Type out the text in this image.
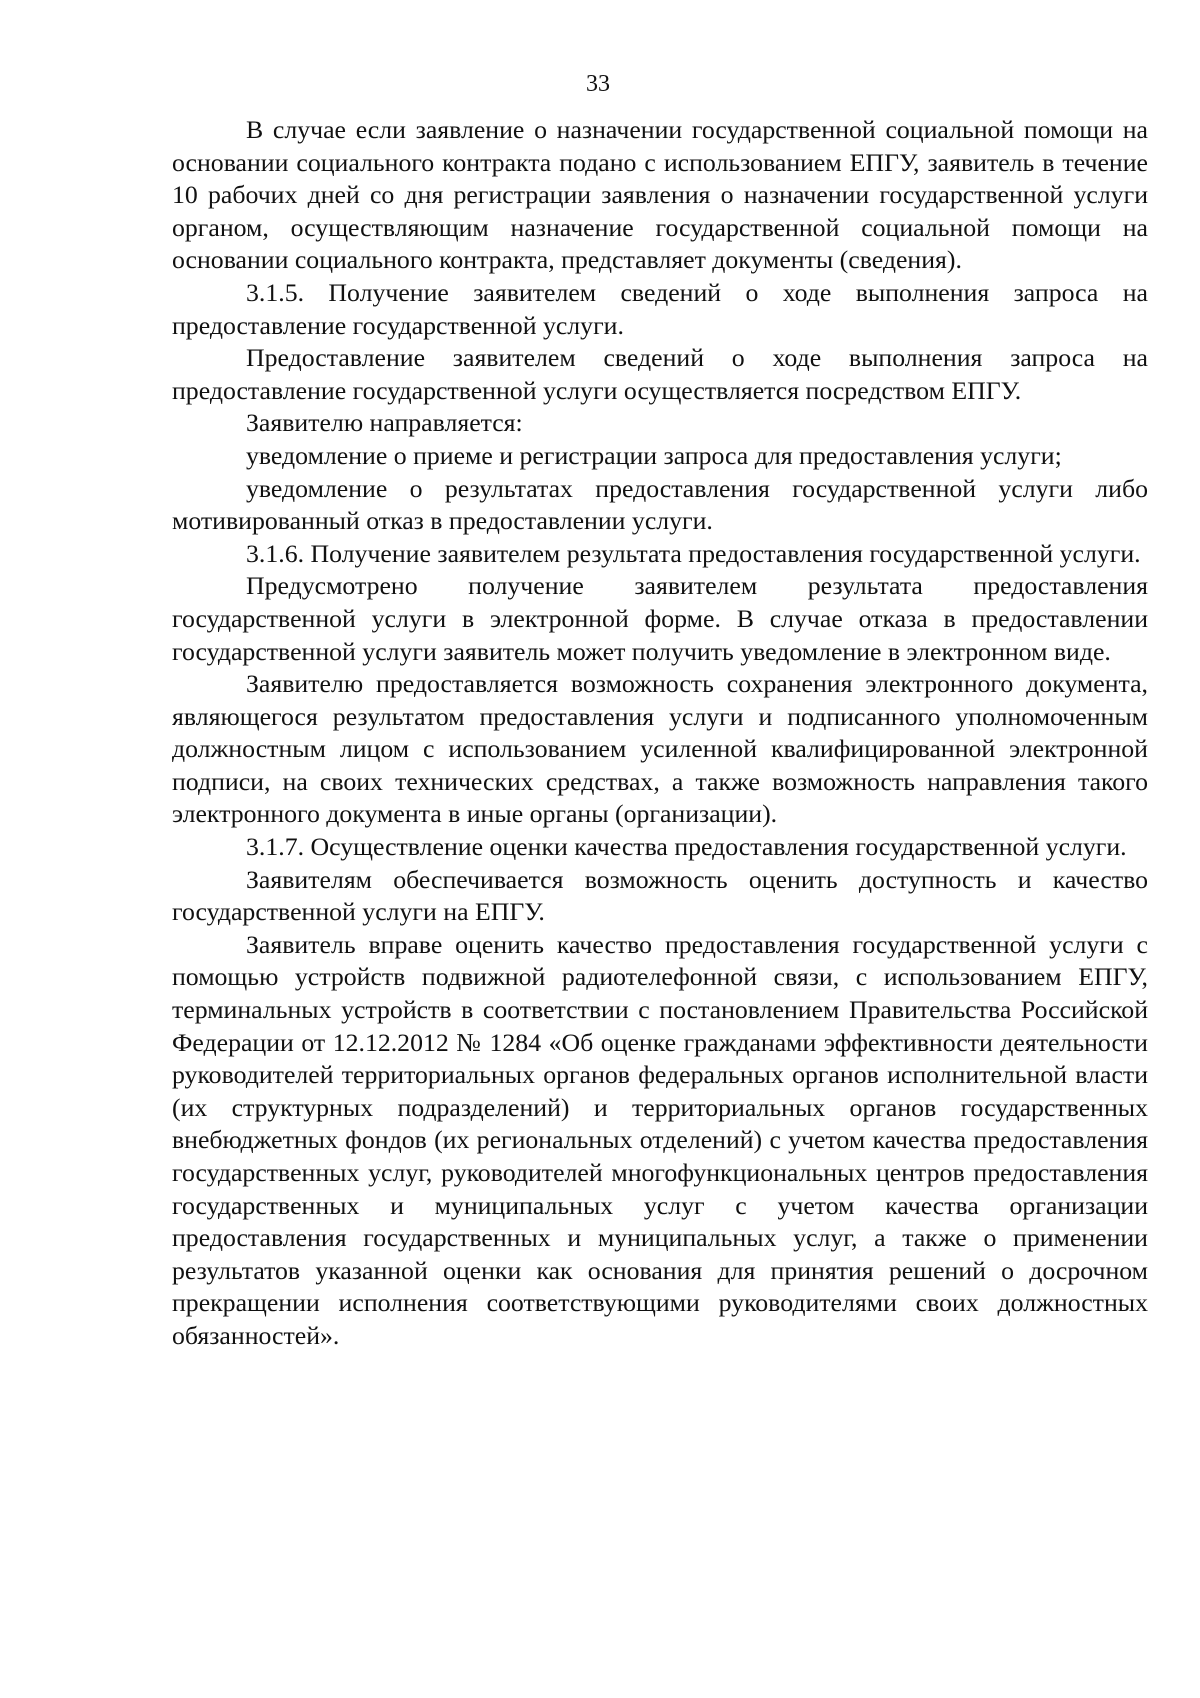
33

В случае если заявление о назначении государственной социальной помощи на основании социального контракта подано с использованием ЕПГУ, заявитель в течение 10 рабочих дней со дня регистрации заявления о назначении государственной услуги органом, осуществляющим назначение государственной социальной помощи на основании социального контракта, представляет документы (сведения).

3.1.5. Получение заявителем сведений о ходе выполнения запроса на предоставление государственной услуги.

Предоставление заявителем сведений о ходе выполнения запроса на предоставление государственной услуги осуществляется посредством ЕПГУ.

Заявителю направляется:

уведомление о приеме и регистрации запроса для предоставления услуги;

уведомление о результатах предоставления государственной услуги либо мотивированный отказ в предоставлении услуги.

3.1.6. Получение заявителем результата предоставления государственной услуги.

Предусмотрено получение заявителем результата предоставления государственной услуги в электронной форме. В случае отказа в предоставлении государственной услуги заявитель может получить уведомление в электронном виде.

Заявителю предоставляется возможность сохранения электронного документа, являющегося результатом предоставления услуги и подписанного уполномоченным должностным лицом с использованием усиленной квалифицированной электронной подписи, на своих технических средствах, а также возможность направления такого электронного документа в иные органы (организации).

3.1.7. Осуществление оценки качества предоставления государственной услуги.

Заявителям обеспечивается возможность оценить доступность и качество государственной услуги на ЕПГУ.

Заявитель вправе оценить качество предоставления государственной услуги с помощью устройств подвижной радиотелефонной связи, с использованием ЕПГУ, терминальных устройств в соответствии с постановлением Правительства Российской Федерации от 12.12.2012 № 1284 «Об оценке гражданами эффективности деятельности руководителей территориальных органов федеральных органов исполнительной власти (их структурных подразделений) и территориальных органов государственных внебюджетных фондов (их региональных отделений) с учетом качества предоставления государственных услуг, руководителей многофункциональных центров предоставления государственных и муниципальных услуг с учетом качества организации предоставления государственных и муниципальных услуг, а также о применении результатов указанной оценки как основания для принятия решений о досрочном прекращении исполнения соответствующими руководителями своих должностных обязанностей».
